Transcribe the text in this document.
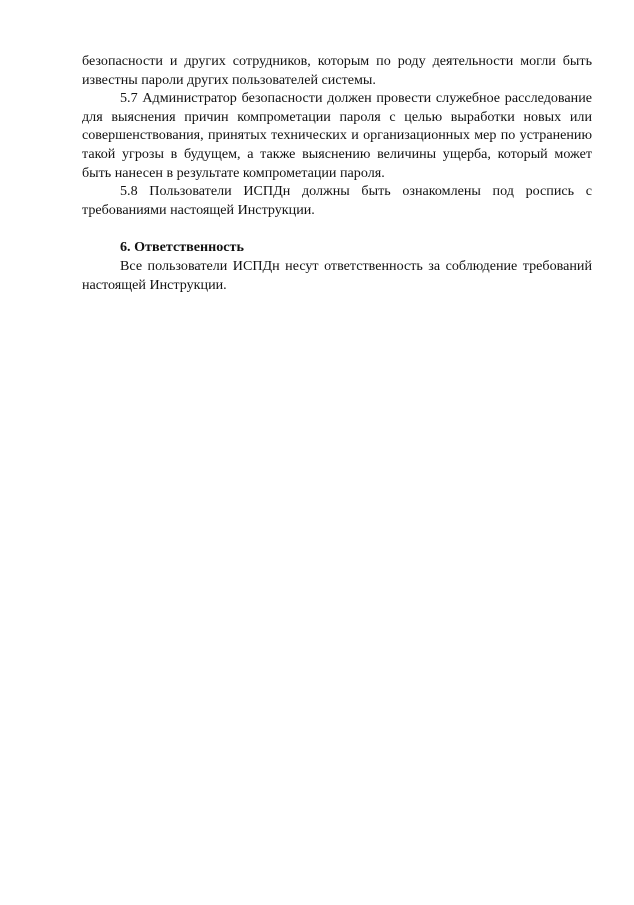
безопасности и других сотрудников, которым по роду деятельности могли быть известны пароли других пользователей системы.

5.7 Администратор безопасности должен провести служебное расследование для выяснения причин компрометации пароля с целью выработки новых или совершенствования, принятых технических и организационных мер по устранению такой угрозы в будущем, а также выяснению величины ущерба, который может быть нанесен в результате компрометации пароля.

5.8 Пользователи ИСПДн должны быть ознакомлены под роспись с требованиями настоящей Инструкции.

6. Ответственность

Все пользователи ИСПДн несут ответственность за соблюдение требований настоящей Инструкции.
